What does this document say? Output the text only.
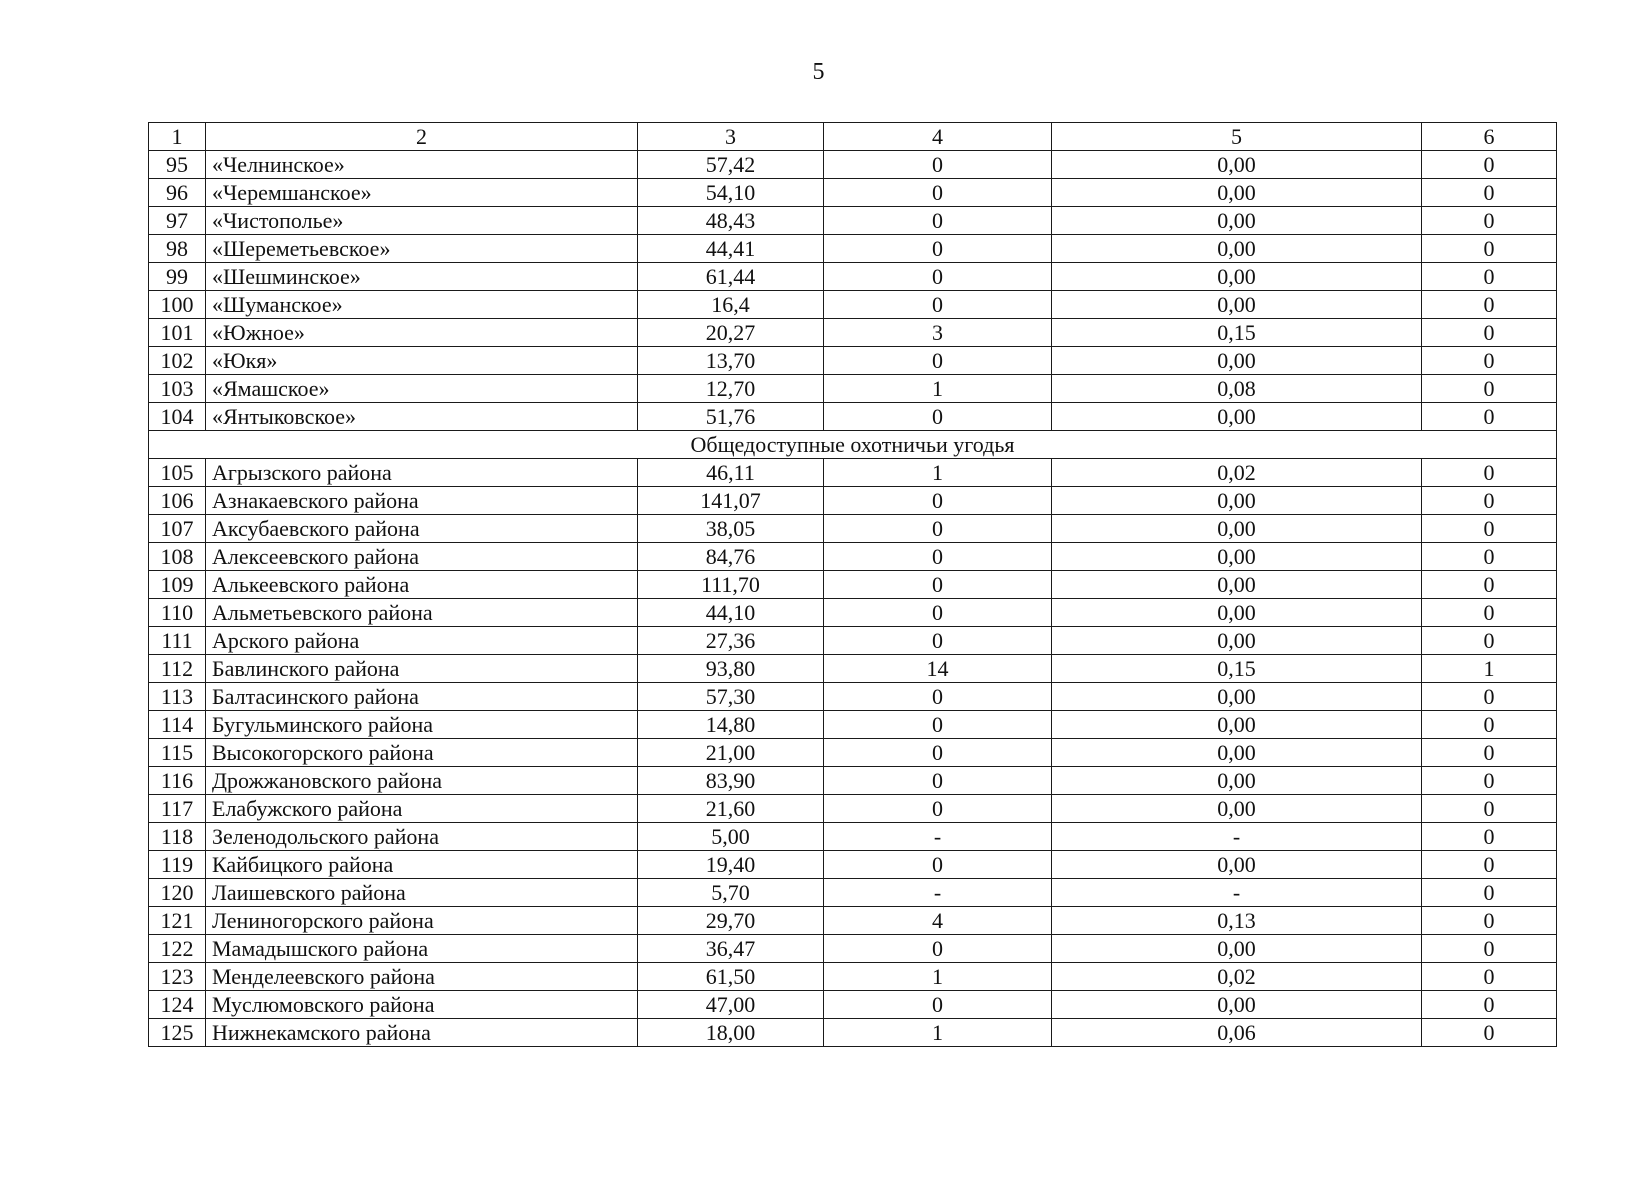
5
1	2	3	4	5	6
95	«Челнинское»	57,42	0	0,00	0
96	«Черемшанское»	54,10	0	0,00	0
97	«Чистополье»	48,43	0	0,00	0
98	«Шереметьевское»	44,41	0	0,00	0
99	«Шешминское»	61,44	0	0,00	0
100	«Шуманское»	16,4	0	0,00	0
101	«Южное»	20,27	3	0,15	0
102	«Юкя»	13,70	0	0,00	0
103	«Ямашское»	12,70	1	0,08	0
104	«Янтыковское»	51,76	0	0,00	0
Общедоступные охотничьи угодья					
105	Агрызского района	46,11	1	0,02	0
106	Азнакаевского района	141,07	0	0,00	0
107	Аксубаевского района	38,05	0	0,00	0
108	Алексеевского района	84,76	0	0,00	0
109	Алькеевского района	111,70	0	0,00	0
110	Альметьевского района	44,10	0	0,00	0
111	Арского района	27,36	0	0,00	0
112	Бавлинского района	93,80	14	0,15	1
113	Балтасинского района	57,30	0	0,00	0
114	Бугульминского района	14,80	0	0,00	0
115	Высокогорского района	21,00	0	0,00	0
116	Дрожжановского района	83,90	0	0,00	0
117	Елабужского района	21,60	0	0,00	0
118	Зеленодольского района	5,00	-	-	0
119	Кайбицкого района	19,40	0	0,00	0
120	Лаишевского района	5,70	-	-	0
121	Лениногорского района	29,70	4	0,13	0
122	Мамадышского района	36,47	0	0,00	0
123	Менделеевского района	61,50	1	0,02	0
124	Муслюмовского района	47,00	0	0,00	0
125	Нижнекамского района	18,00	1	0,06	0
